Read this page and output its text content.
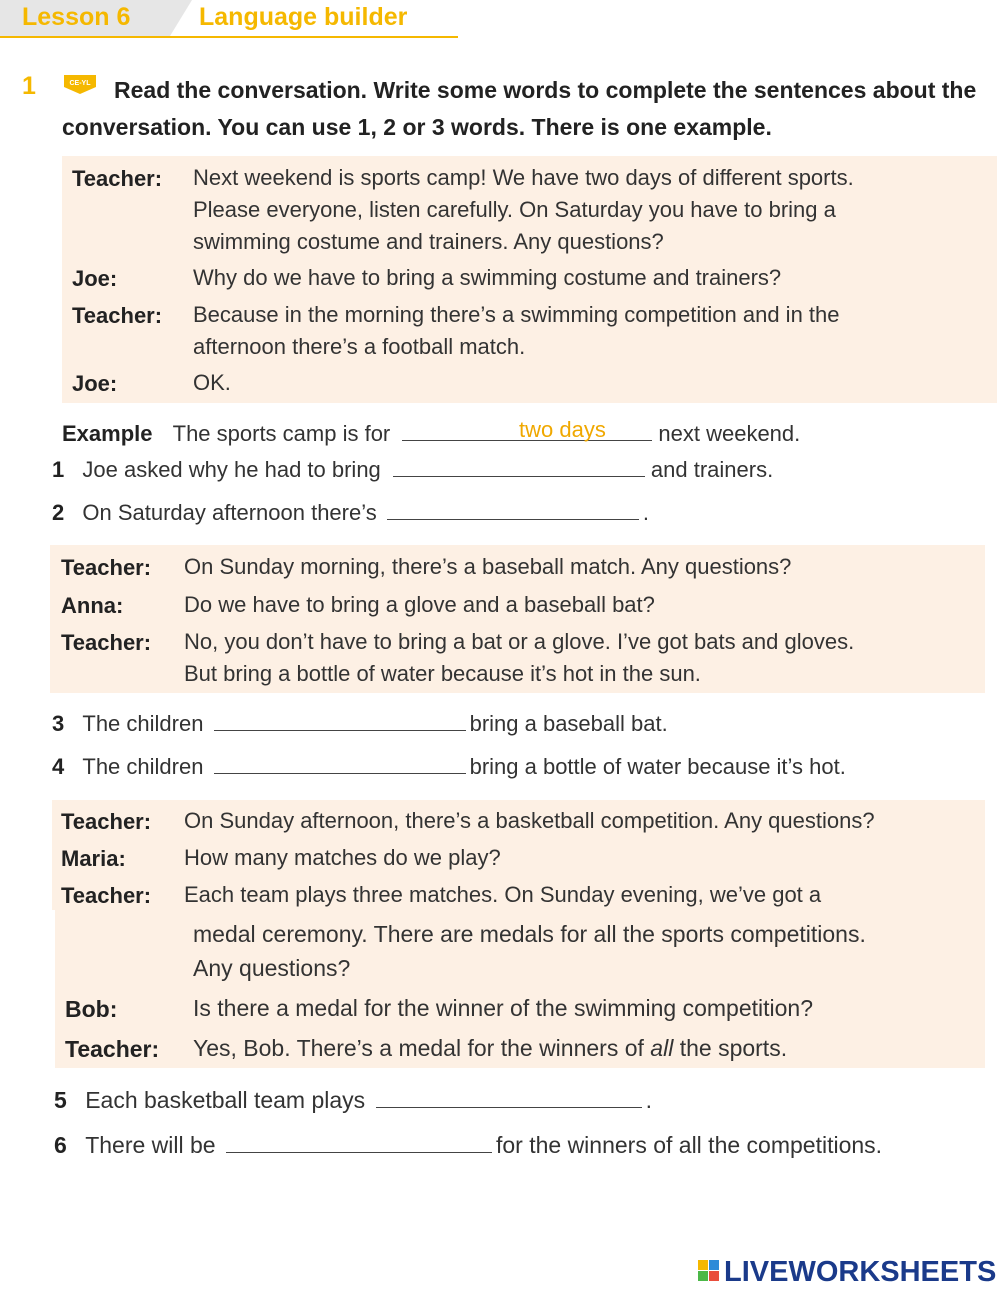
Lesson 6	Language builder
1	Read the conversation. Write some words to complete the sentences about the conversation. You can use 1, 2 or 3 words. There is one example.
CE-YL
Teacher: Next weekend is sports camp! We have two days of different sports.
Please everyone, listen carefully. On Saturday you have to bring a
swimming costume and trainers. Any questions?
Joe:	Why do we have to bring a swimming costume and trainers?
Teacher: Because in the morning there’s a swimming competition and in the
afternoon there’s a football match.
Joe:	OK.
Example The sports camp is for	next weekend.
two days
1 Joe asked why he had to bring	and trainers.
2 On Saturday afternoon there’s	.
Teacher: On Sunday morning, there’s a baseball match. Any questions?
Anna:	Do we have to bring a glove and a baseball bat?
Teacher: No, you don’t have to bring a bat or a glove. I’ve got bats and gloves.
But bring a bottle of water because it’s hot in the sun.
3 The children	bring a baseball bat.
4 The children	bring a bottle of water because it’s hot.
Teacher: On Sunday afternoon, there’s a basketball competition. Any questions?
Maria:	How many matches do we play?
Teacher: Each team plays three matches. On Sunday evening, we’ve got a
medal ceremony. There are medals for all the sports competitions.
Any questions?
Bob:	Is there a medal for the winner of the swimming competition?
Teacher: Yes, Bob. There’s a medal for the winners of all the sports.
5 Each basketball team plays	.
6 There will be	for the winners of all the competitions.
LIVEWORKSHEETS
